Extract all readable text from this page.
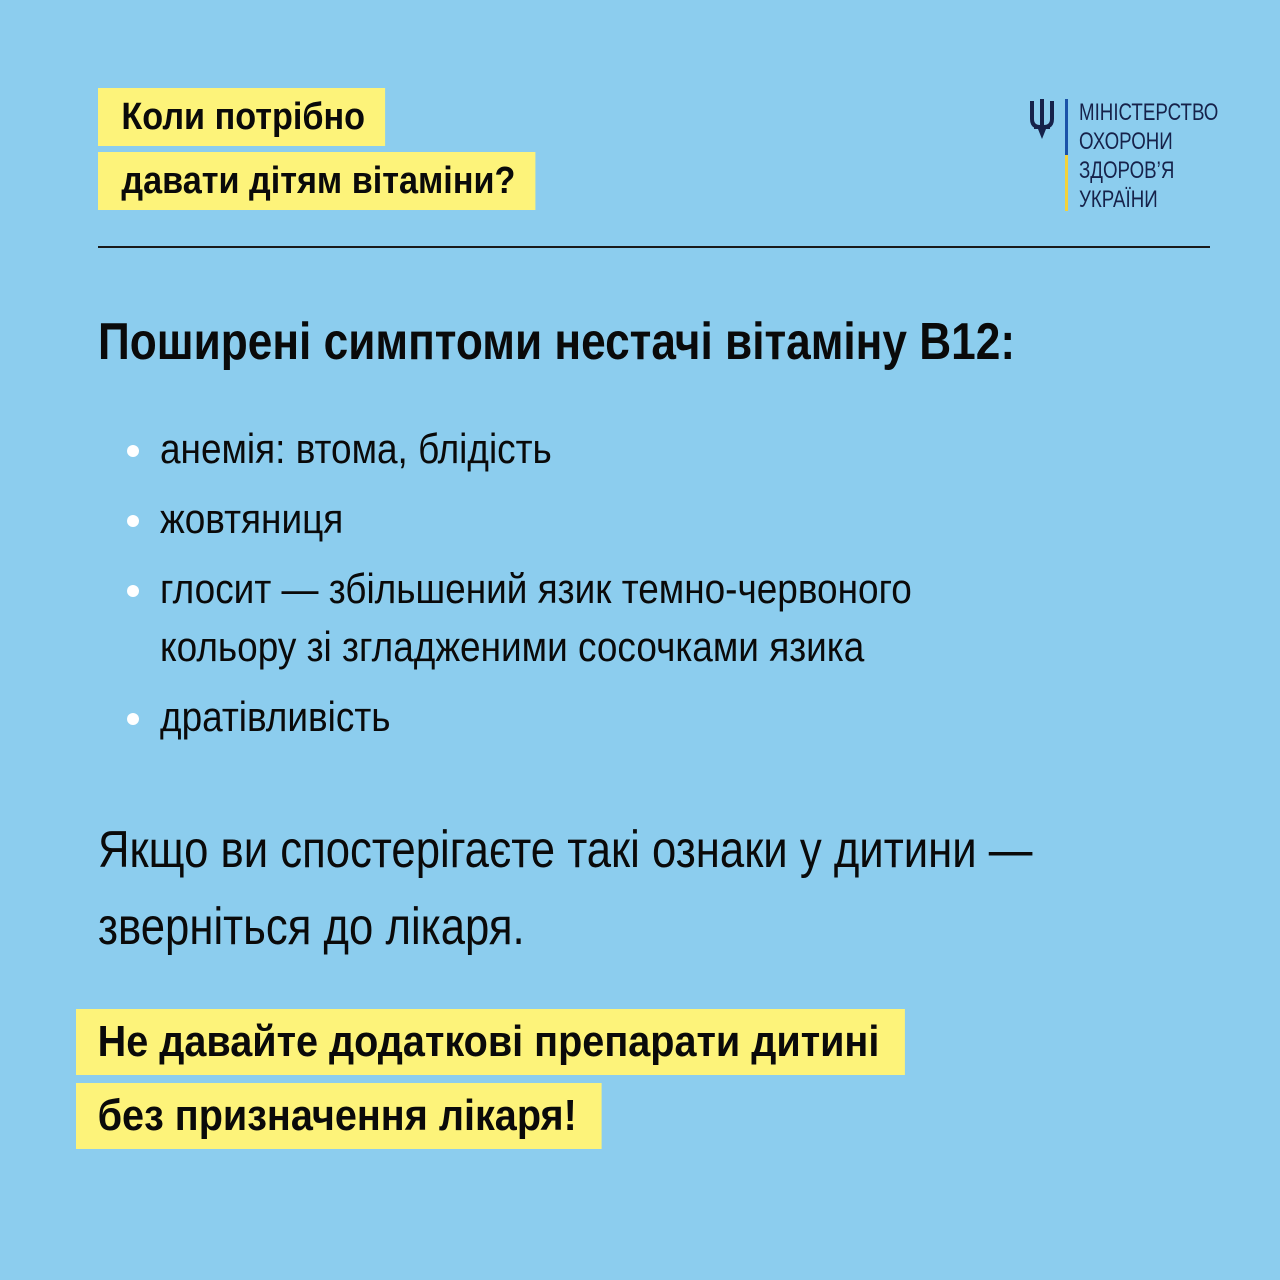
Коли потрібно
давати дітям вітаміни?
МІНІСТЕРСТВО
ОХОРОНИ
ЗДОРОВ’Я
УКРАЇНИ
Поширені симптоми нестачі вітаміну В12:
анемія: втома, блідість
жовтяниця
глосит — збільшений язик темно-червоного
кольору зі згладженими сосочками язика
дратівливість
Якщо ви спостерігаєте такі ознаки у дитини —
зверніться до лікаря.
Не давайте додаткові препарати дитині
без призначення лікаря!
